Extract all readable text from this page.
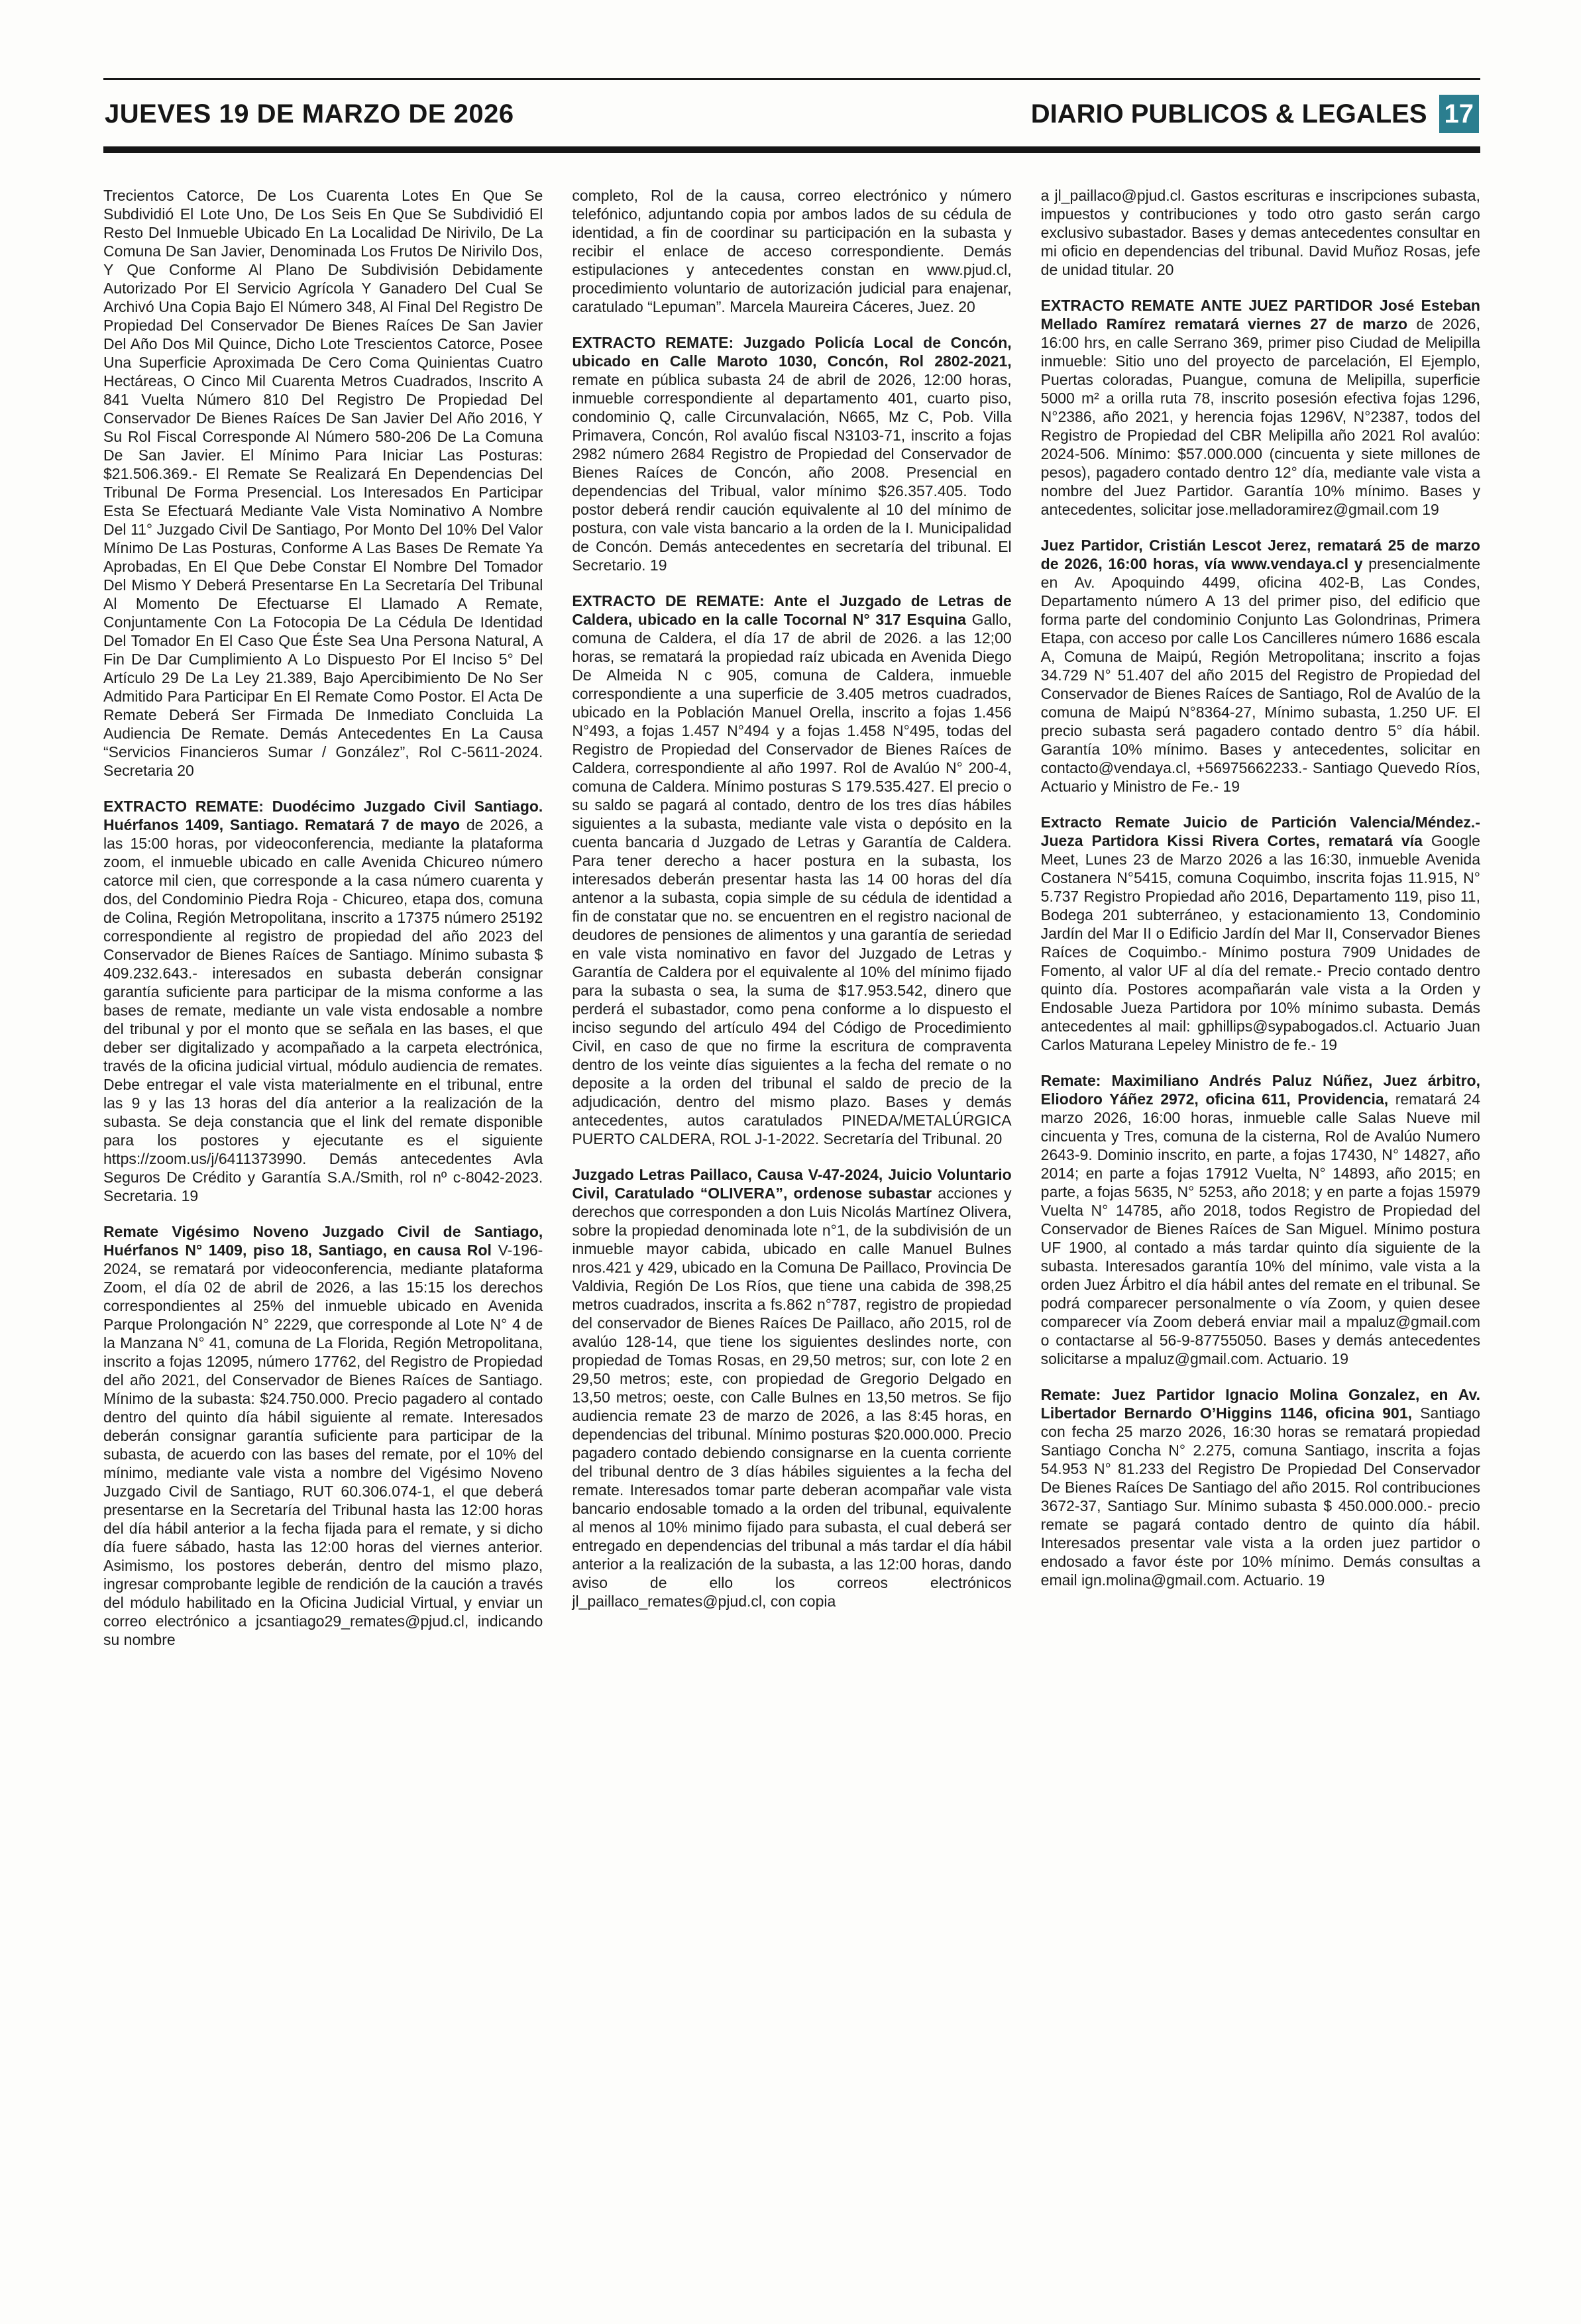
JUEVES 19 DE MARZO DE 2026	DIARIO PUBLICOS & LEGALES 17
Trecientos Catorce, De Los Cuarenta Lotes En Que Se Subdividió El Lote Uno, De Los Seis En Que Se Subdividió El Resto Del Inmueble Ubicado En La Localidad De Nirivilo, De La Comuna De San Javier, Denominada Los Frutos De Nirivilo Dos, Y Que Conforme Al Plano De Subdivisión Debidamente Autorizado Por El Servicio Agrícola Y Ganadero Del Cual Se Archivó Una Copia Bajo El Número 348, Al Final Del Registro De Propiedad Del Conservador De Bienes Raíces De San Javier Del Año Dos Mil Quince, Dicho Lote Trescientos Catorce, Posee Una Superficie Aproximada De Cero Coma Quinientas Cuatro Hectáreas, O Cinco Mil Cuarenta Metros Cuadrados, Inscrito A 841 Vuelta Número 810 Del Registro De Propiedad Del Conservador De Bienes Raíces De San Javier Del Año 2016, Y Su Rol Fiscal Corresponde Al Número 580-206 De La Comuna De San Javier. El Mínimo Para Iniciar Las Posturas: $21.506.369.- El Remate Se Realizará En Dependencias Del Tribunal De Forma Presencial. Los Interesados En Participar Esta Se Efectuará Mediante Vale Vista Nominativo A Nombre Del 11° Juzgado Civil De Santiago, Por Monto Del 10% Del Valor Mínimo De Las Posturas, Conforme A Las Bases De Remate Ya Aprobadas, En El Que Debe Constar El Nombre Del Tomador Del Mismo Y Deberá Presentarse En La Secretaría Del Tribunal Al Momento De Efectuarse El Llamado A Remate, Conjuntamente Con La Fotocopia De La Cédula De Identidad Del Tomador En El Caso Que Éste Sea Una Persona Natural, A Fin De Dar Cumplimiento A Lo Dispuesto Por El Inciso 5° Del Artículo 29 De La Ley 21.389, Bajo Apercibimiento De No Ser Admitido Para Participar En El Remate Como Postor. El Acta De Remate Deberá Ser Firmada De Inmediato Concluida La Audiencia De Remate. Demás Antecedentes En La Causa “Servicios Financieros Sumar / González”, Rol C-5611-2024. Secretaria 20
EXTRACTO REMATE: Duodécimo Juzgado Civil Santiago. Huérfanos 1409, Santiago. Rematará 7 de mayo de 2026, a las 15:00 horas, por videoconferencia, mediante la plataforma zoom, el inmueble ubicado en calle Avenida Chicureo número catorce mil cien, que corresponde a la casa número cuarenta y dos, del Condominio Piedra Roja - Chicureo, etapa dos, comuna de Colina, Región Metropolitana, inscrito a 17375 número 25192 correspondiente al registro de propiedad del año 2023 del Conservador de Bienes Raíces de Santiago. Mínimo subasta $ 409.232.643.- interesados en subasta deberán consignar garantía suficiente para participar de la misma conforme a las bases de remate, mediante un vale vista endosable a nombre del tribunal y por el monto que se señala en las bases, el que deber ser digitalizado y acompañado a la carpeta electrónica, través de la oficina judicial virtual, módulo audiencia de remates. Debe entregar el vale vista materialmente en el tribunal, entre las 9 y las 13 horas del día anterior a la realización de la subasta. Se deja constancia que el link del remate disponible para los postores y ejecutante es el siguiente https://zoom.us/j/6411373990. Demás antecedentes Avla Seguros De Crédito y Garantía S.A./Smith, rol nº c-8042-2023. Secretaria. 19
Remate Vigésimo Noveno Juzgado Civil de Santiago, Huérfanos N° 1409, piso 18, Santiago, en causa Rol V-196-2024, se rematará por videoconferencia, mediante plataforma Zoom, el día 02 de abril de 2026, a las 15:15 los derechos correspondientes al 25% del inmueble ubicado en Avenida Parque Prolongación N° 2229, que corresponde al Lote N° 4 de la Manzana N° 41, comuna de La Florida, Región Metropolitana, inscrito a fojas 12095, número 17762, del Registro de Propiedad del año 2021, del Conservador de Bienes Raíces de Santiago. Mínimo de la subasta: $24.750.000. Precio pagadero al contado dentro del quinto día hábil siguiente al remate. Interesados deberán consignar garantía suficiente para participar de la subasta, de acuerdo con las bases del remate, por el 10% del mínimo, mediante vale vista a nombre del Vigésimo Noveno Juzgado Civil de Santiago, RUT 60.306.074-1, el que deberá presentarse en la Secretaría del Tribunal hasta las 12:00 horas del día hábil anterior a la fecha fijada para el remate, y si dicho día fuere sábado, hasta las 12:00 horas del viernes anterior. Asimismo, los postores deberán, dentro del mismo plazo, ingresar comprobante legible de rendición de la caución a través del módulo habilitado en la Oficina Judicial Virtual, y enviar un correo electrónico a jcsantiago29_remates@pjud.cl, indicando su nombre
completo, Rol de la causa, correo electrónico y número telefónico, adjuntando copia por ambos lados de su cédula de identidad, a fin de coordinar su participación en la subasta y recibir el enlace de acceso correspondiente. Demás estipulaciones y antecedentes constan en www.pjud.cl, procedimiento voluntario de autorización judicial para enajenar, caratulado “Lepuman”. Marcela Maureira Cáceres, Juez. 20
EXTRACTO REMATE: Juzgado Policía Local de Concón, ubicado en Calle Maroto 1030, Concón, Rol 2802-2021, remate en pública subasta 24 de abril de 2026, 12:00 horas, inmueble correspondiente al departamento 401, cuarto piso, condominio Q, calle Circunvalación, N665, Mz C, Pob. Villa Primavera, Concón, Rol avalúo fiscal N3103-71, inscrito a fojas 2982 número 2684 Registro de Propiedad del Conservador de Bienes Raíces de Concón, año 2008. Presencial en dependencias del Tribual, valor mínimo $26.357.405. Todo postor deberá rendir caución equivalente al 10 del mínimo de postura, con vale vista bancario a la orden de la I. Municipalidad de Concón. Demás antecedentes en secretaría del tribunal. El Secretario. 19
EXTRACTO DE REMATE: Ante el Juzgado de Letras de Caldera, ubicado en la calle Tocornal N° 317 Esquina Gallo, comuna de Caldera, el día 17 de abril de 2026. a las 12;00 horas, se rematará la propiedad raíz ubicada en Avenida Diego De Almeida N c 905, comuna de Caldera, inmueble correspondiente a una superficie de 3.405 metros cuadrados, ubicado en la Población Manuel Orella, inscrito a fojas 1.456 N°493, a fojas 1.457 N°494 y a fojas 1.458 N°495, todas del Registro de Propiedad del Conservador de Bienes Raíces de Caldera, correspondiente al año 1997. Rol de Avalúo N° 200-4, comuna de Caldera. Mínimo posturas S 179.535.427. El precio o su saldo se pagará al contado, dentro de los tres días hábiles siguientes a la subasta, mediante vale vista o depósito en la cuenta bancaria d Juzgado de Letras y Garantía de Caldera. Para tener derecho a hacer postura en la subasta, los interesados deberán presentar hasta las 14 00 horas del día antenor a la subasta, copia simple de su cédula de identidad a fin de constatar que no. se encuentren en el registro nacional de deudores de pensiones de alimentos y una garantía de seriedad en vale vista nominativo en favor del Juzgado de Letras y Garantía de Caldera por el equivalente al 10% del mínimo fijado para la subasta o sea, la suma de $17.953.542, dinero que perderá el subastador, como pena conforme a lo dispuesto el inciso segundo del artículo 494 del Código de Procedimiento Civil, en caso de que no firme la escritura de compraventa dentro de los veinte días siguientes a la fecha del remate o no deposite a la orden del tribunal el saldo de precio de la adjudicación, dentro del mismo plazo. Bases y demás antecedentes, autos caratulados PINEDA/METALÚRGICA PUERTO CALDERA, ROL J-1-2022. Secretaría del Tribunal. 20
Juzgado Letras Paillaco, Causa V-47-2024, Juicio Voluntario Civil, Caratulado “OLIVERA”, ordenose subastar acciones y derechos que corresponden a don Luis Nicolás Martínez Olivera, sobre la propiedad denominada lote n°1, de la subdivisión de un inmueble mayor cabida, ubicado en calle Manuel Bulnes nros.421 y 429, ubicado en la Comuna De Paillaco, Provincia De Valdivia, Región De Los Ríos, que tiene una cabida de 398,25 metros cuadrados, inscrita a fs.862 n°787, registro de propiedad del conservador de Bienes Raíces De Paillaco, año 2015, rol de avalúo 128-14, que tiene los siguientes deslindes norte, con propiedad de Tomas Rosas, en 29,50 metros; sur, con lote 2 en 29,50 metros; este, con propiedad de Gregorio Delgado en 13,50 metros; oeste, con Calle Bulnes en 13,50 metros. Se fijo audiencia remate 23 de marzo de 2026, a las 8:45 horas, en dependencias del tribunal. Mínimo posturas $20.000.000. Precio pagadero contado debiendo consignarse en la cuenta corriente del tribunal dentro de 3 días hábiles siguientes a la fecha del remate. Interesados tomar parte deberan acompañar vale vista bancario endosable tomado a la orden del tribunal, equivalente al menos al 10% minimo fijado para subasta, el cual deberá ser entregado en dependencias del tribunal a más tardar el día hábil anterior a la realización de la subasta, a las 12:00 horas, dando aviso de ello los correos electrónicos jl_paillaco_remates@pjud.cl, con copia
a jl_paillaco@pjud.cl. Gastos escrituras e inscripciones subasta, impuestos y contribuciones y todo otro gasto serán cargo exclusivo subastador. Bases y demas antecedentes consultar en mi oficio en dependencias del tribunal. David Muñoz Rosas, jefe de unidad titular. 20
EXTRACTO REMATE ANTE JUEZ PARTIDOR José Esteban Mellado Ramírez rematará viernes 27 de marzo de 2026, 16:00 hrs, en calle Serrano 369, primer piso Ciudad de Melipilla inmueble: Sitio uno del proyecto de parcelación, El Ejemplo, Puertas coloradas, Puangue, comuna de Melipilla, superficie 5000 m² a orilla ruta 78, inscrito posesión efectiva fojas 1296, N°2386, año 2021, y herencia fojas 1296V, N°2387, todos del Registro de Propiedad del CBR Melipilla año 2021 Rol avalúo: 2024-506. Mínimo: $57.000.000 (cincuenta y siete millones de pesos), pagadero contado dentro 12° día, mediante vale vista a nombre del Juez Partidor. Garantía 10% mínimo. Bases y antecedentes, solicitar jose.melladoramirez@gmail.com 19
Juez Partidor, Cristián Lescot Jerez, rematará 25 de marzo de 2026, 16:00 horas, vía www.vendaya.cl y presencialmente en Av. Apoquindo 4499, oficina 402-B, Las Condes, Departamento número A 13 del primer piso, del edificio que forma parte del condominio Conjunto Las Golondrinas, Primera Etapa, con acceso por calle Los Cancilleres número 1686 escala A, Comuna de Maipú, Región Metropolitana; inscrito a fojas 34.729 N° 51.407 del año 2015 del Registro de Propiedad del Conservador de Bienes Raíces de Santiago, Rol de Avalúo de la comuna de Maipú N°8364-27, Mínimo subasta, 1.250 UF. El precio subasta será pagadero contado dentro 5° día hábil. Garantía 10% mínimo. Bases y antecedentes, solicitar en contacto@vendaya.cl, +56975662233.- Santiago Quevedo Ríos, Actuario y Ministro de Fe.- 19
Extracto Remate Juicio de Partición Valencia/Méndez.- Jueza Partidora Kissi Rivera Cortes, rematará vía Google Meet, Lunes 23 de Marzo 2026 a las 16:30, inmueble Avenida Costanera N°5415, comuna Coquimbo, inscrita fojas 11.915, N° 5.737 Registro Propiedad año 2016, Departamento 119, piso 11, Bodega 201 subterráneo, y estacionamiento 13, Condominio Jardín del Mar II o Edificio Jardín del Mar II, Conservador Bienes Raíces de Coquimbo.- Mínimo postura 7909 Unidades de Fomento, al valor UF al día del remate.- Precio contado dentro quinto día. Postores acompañarán vale vista a la Orden y Endosable Jueza Partidora por 10% mínimo subasta. Demás antecedentes al mail: gphillips@sypabogados.cl. Actuario Juan Carlos Maturana Lepeley Ministro de fe.- 19
Remate: Maximiliano Andrés Paluz Núñez, Juez árbitro, Eliodoro Yáñez 2972, oficina 611, Providencia, rematará 24 marzo 2026, 16:00 horas, inmueble calle Salas Nueve mil cincuenta y Tres, comuna de la cisterna, Rol de Avalúo Numero 2643-9. Dominio inscrito, en parte, a fojas 17430, N° 14827, año 2014; en parte a fojas 17912 Vuelta, N° 14893, año 2015; en parte, a fojas 5635, N° 5253, año 2018; y en parte a fojas 15979 Vuelta N° 14785, año 2018, todos Registro de Propiedad del Conservador de Bienes Raíces de San Miguel. Mínimo postura UF 1900, al contado a más tardar quinto día siguiente de la subasta. Interesados garantía 10% del mínimo, vale vista a la orden Juez Árbitro el día hábil antes del remate en el tribunal. Se podrá comparecer personalmente o vía Zoom, y quien desee comparecer vía Zoom deberá enviar mail a mpaluz@gmail.com o contactarse al 56-9-87755050. Bases y demás antecedentes solicitarse a mpaluz@gmail.com. Actuario. 19
Remate: Juez Partidor Ignacio Molina Gonzalez, en Av. Libertador Bernardo O’Higgins 1146, oficina 901, Santiago con fecha 25 marzo 2026, 16:30 horas se rematará propiedad Santiago Concha N° 2.275, comuna Santiago, inscrita a fojas 54.953 N° 81.233 del Registro De Propiedad Del Conservador De Bienes Raíces De Santiago del año 2015. Rol contribuciones 3672-37, Santiago Sur. Mínimo subasta $ 450.000.000.- precio remate se pagará contado dentro de quinto día hábil. Interesados presentar vale vista a la orden juez partidor o endosado a favor éste por 10% mínimo. Demás consultas a email ign.molina@gmail.com. Actuario. 19
